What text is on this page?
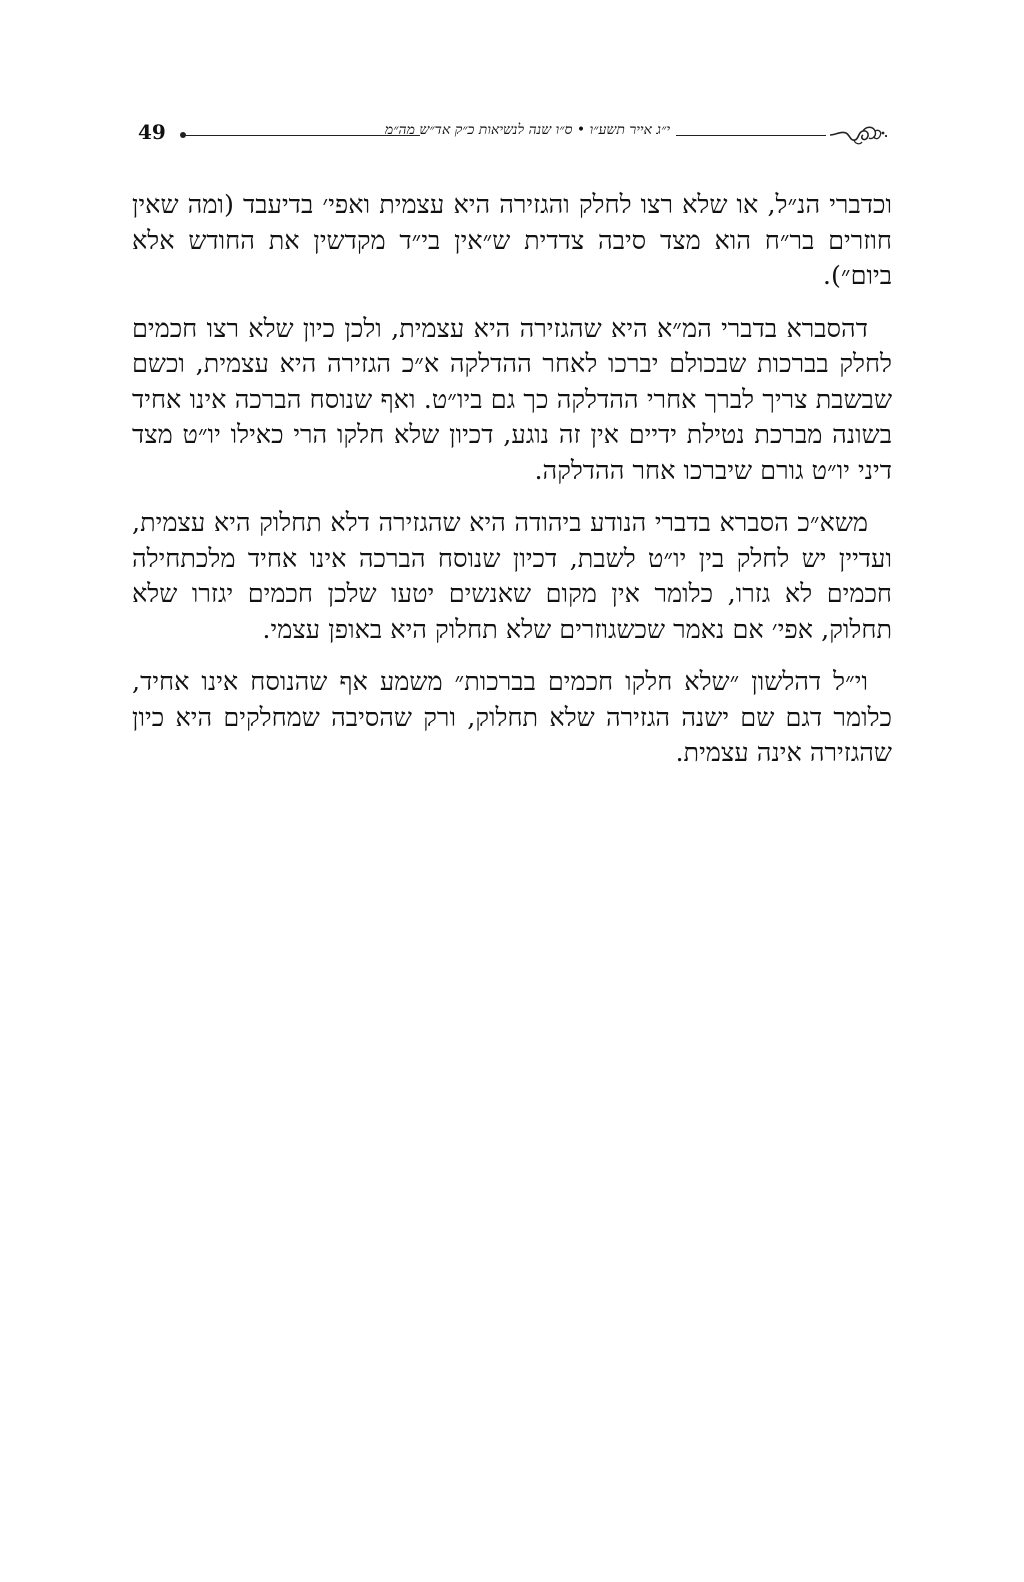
49	י״ג אייר תשע״ו • ס״ו שנה לנשיאות כ״ק אד״ש מה״מ

וכדברי הנ״ל, או שלא רצו לחלק והגזירה היא עצמית ואפי׳ בדיעבד (ומה שאין חוזרים בר״ח הוא מצד סיבה צדדית ש״אין בי״ד מקדשין את החודש אלא ביום״).

דהסברא בדברי המ״א היא שהגזירה היא עצמית, ולכן כיון שלא רצו חכמים לחלק בברכות שבכולם יברכו לאחר ההדלקה א״כ הגזירה היא עצמית, וכשם שבשבת צריך לברך אחרי ההדלקה כך גם ביו״ט. ואף שנוסח הברכה אינו אחיד בשונה מברכת נטילת ידיים אין זה נוגע, דכיון שלא חלקו הרי כאילו יו״ט מצד דיני יו״ט גורם שיברכו אחר ההדלקה.

משא״כ הסברא בדברי הנודע ביהודה היא שהגזירה דלא תחלוק היא עצמית, ועדיין יש לחלק בין יו״ט לשבת, דכיון שנוסח הברכה אינו אחיד מלכתחילה חכמים לא גזרו, כלומר אין מקום שאנשים יטעו שלכן חכמים יגזרו שלא תחלוק, אפי׳ אם נאמר שכשגוזרים שלא תחלוק היא באופן עצמי.

וי״ל דהלשון ״שלא חלקו חכמים בברכות״ משמע אף שהנוסח אינו אחיד, כלומר דגם שם ישנה הגזירה שלא תחלוק, ורק שהסיבה שמחלקים היא כיון שהגזירה אינה עצמית.
